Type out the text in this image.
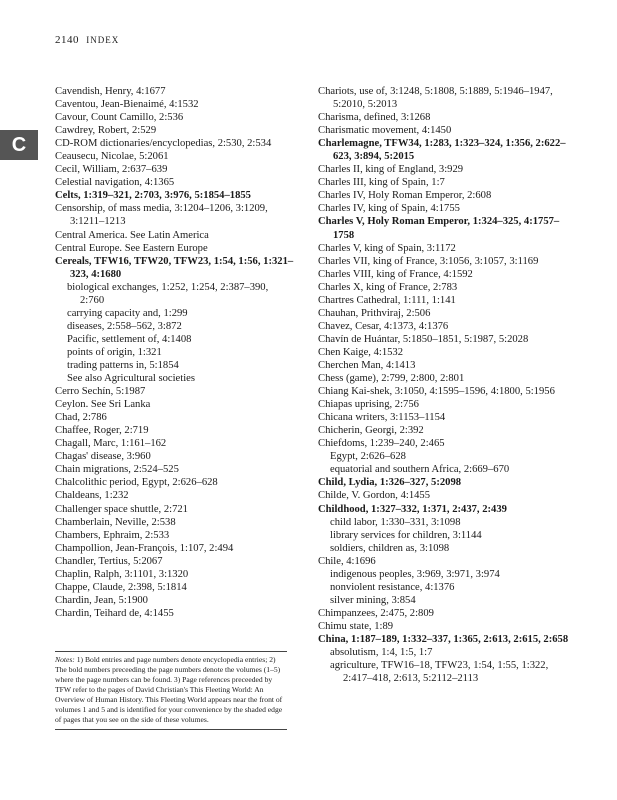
2140 INDEX
C
Cavendish, Henry, 4:1677
Caventou, Jean-Bienaimé, 4:1532
Cavour, Count Camillo, 2:536
Cawdrey, Robert, 2:529
CD-ROM dictionaries/encyclopedias, 2:530, 2:534
Ceausecu, Nicolae, 5:2061
Cecil, William, 2:637–639
Celestial navigation, 4:1365
Celts, 1:319–321, 2:703, 3:976, 5:1854–1855
Censorship, of mass media, 3:1204–1206, 3:1209, 3:1211–1213
Central America. See Latin America
Central Europe. See Eastern Europe
Cereals, TFW16, TFW20, TFW23, 1:54, 1:56, 1:321–323, 4:1680
biological exchanges, 1:252, 1:254, 2:387–390, 2:760
carrying capacity and, 1:299
diseases, 2:558–562, 3:872
Pacific, settlement of, 4:1408
points of origin, 1:321
trading patterns in, 5:1854
See also Agricultural societies
Cerro Sechín, 5:1987
Ceylon. See Sri Lanka
Chad, 2:786
Chaffee, Roger, 2:719
Chagall, Marc, 1:161–162
Chagas' disease, 3:960
Chain migrations, 2:524–525
Chalcolithic period, Egypt, 2:626–628
Chaldeans, 1:232
Challenger space shuttle, 2:721
Chamberlain, Neville, 2:538
Chambers, Ephraim, 2:533
Champollion, Jean-François, 1:107, 2:494
Chandler, Tertius, 5:2067
Chaplin, Ralph, 3:1101, 3:1320
Chappe, Claude, 2:398, 5:1814
Chardin, Jean, 5:1900
Chardin, Teihard de, 4:1455
Chariots, use of, 3:1248, 5:1808, 5:1889, 5:1946–1947, 5:2010, 5:2013
Charisma, defined, 3:1268
Charismatic movement, 4:1450
Charlemagne, TFW34, 1:283, 1:323–324, 1:356, 2:622–623, 3:894, 5:2015
Charles II, king of England, 3:929
Charles III, king of Spain, 1:7
Charles IV, Holy Roman Emperor, 2:608
Charles IV, king of Spain, 4:1755
Charles V, Holy Roman Emperor, 1:324–325, 4:1757–1758
Charles V, king of Spain, 3:1172
Charles VII, king of France, 3:1056, 3:1057, 3:1169
Charles VIII, king of France, 4:1592
Charles X, king of France, 2:783
Chartres Cathedral, 1:111, 1:141
Chauhan, Prithviraj, 2:506
Chavez, Cesar, 4:1373, 4:1376
Chavín de Huántar, 5:1850–1851, 5:1987, 5:2028
Chen Kaige, 4:1532
Cherchen Man, 4:1413
Chess (game), 2:799, 2:800, 2:801
Chiang Kai-shek, 3:1050, 4:1595–1596, 4:1800, 5:1956
Chiapas uprising, 2:756
Chicana writers, 3:1153–1154
Chicherin, Georgi, 2:392
Chiefdoms, 1:239–240, 2:465
Egypt, 2:626–628
equatorial and southern Africa, 2:669–670
Child, Lydia, 1:326–327, 5:2098
Childe, V. Gordon, 4:1455
Childhood, 1:327–332, 1:371, 2:437, 2:439
child labor, 1:330–331, 3:1098
library services for children, 3:1144
soldiers, children as, 3:1098
Chile, 4:1696
indigenous peoples, 3:969, 3:971, 3:974
nonviolent resistance, 4:1376
silver mining, 3:854
Chimpanzees, 2:475, 2:809
Chimu state, 1:89
China, 1:187–189, 1:332–337, 1:365, 2:613, 2:615, 2:658
absolutism, 1:4, 1:5, 1:7
agriculture, TFW16–18, TFW23, 1:54, 1:55, 1:322, 2:417–418, 2:613, 5:2112–2113
Notes: 1) Bold entries and page numbers denote encyclopedia entries; 2) The bold numbers preceeding the page numbers denote the volumes (1–5) where the page numbers can be found. 3) Page references preceeded by TFW refer to the pages of David Christian's This Fleeting World: An Overview of Human History. This Fleeting World appears near the front of volumes 1 and 5 and is identified for your convenience by the shaded edge of pages that you see on the side of these volumes.
